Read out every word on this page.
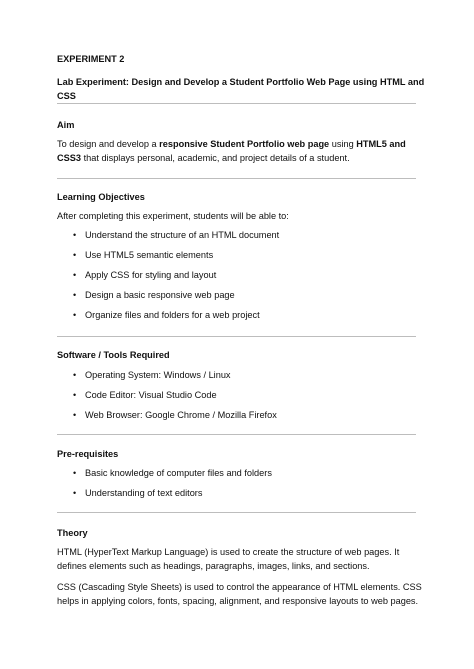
EXPERIMENT 2
Lab Experiment: Design and Develop a Student Portfolio Web Page using HTML and CSS
Aim
To design and develop a responsive Student Portfolio web page using HTML5 and CSS3 that displays personal, academic, and project details of a student.
Learning Objectives
After completing this experiment, students will be able to:
• Understand the structure of an HTML document
• Use HTML5 semantic elements
• Apply CSS for styling and layout
• Design a basic responsive web page
• Organize files and folders for a web project
Software / Tools Required
• Operating System: Windows / Linux
• Code Editor: Visual Studio Code
• Web Browser: Google Chrome / Mozilla Firefox
Pre-requisites
• Basic knowledge of computer files and folders
• Understanding of text editors
Theory
HTML (HyperText Markup Language) is used to create the structure of web pages. It defines elements such as headings, paragraphs, images, links, and sections.
CSS (Cascading Style Sheets) is used to control the appearance of HTML elements. CSS helps in applying colors, fonts, spacing, alignment, and responsive layouts to web pages.
